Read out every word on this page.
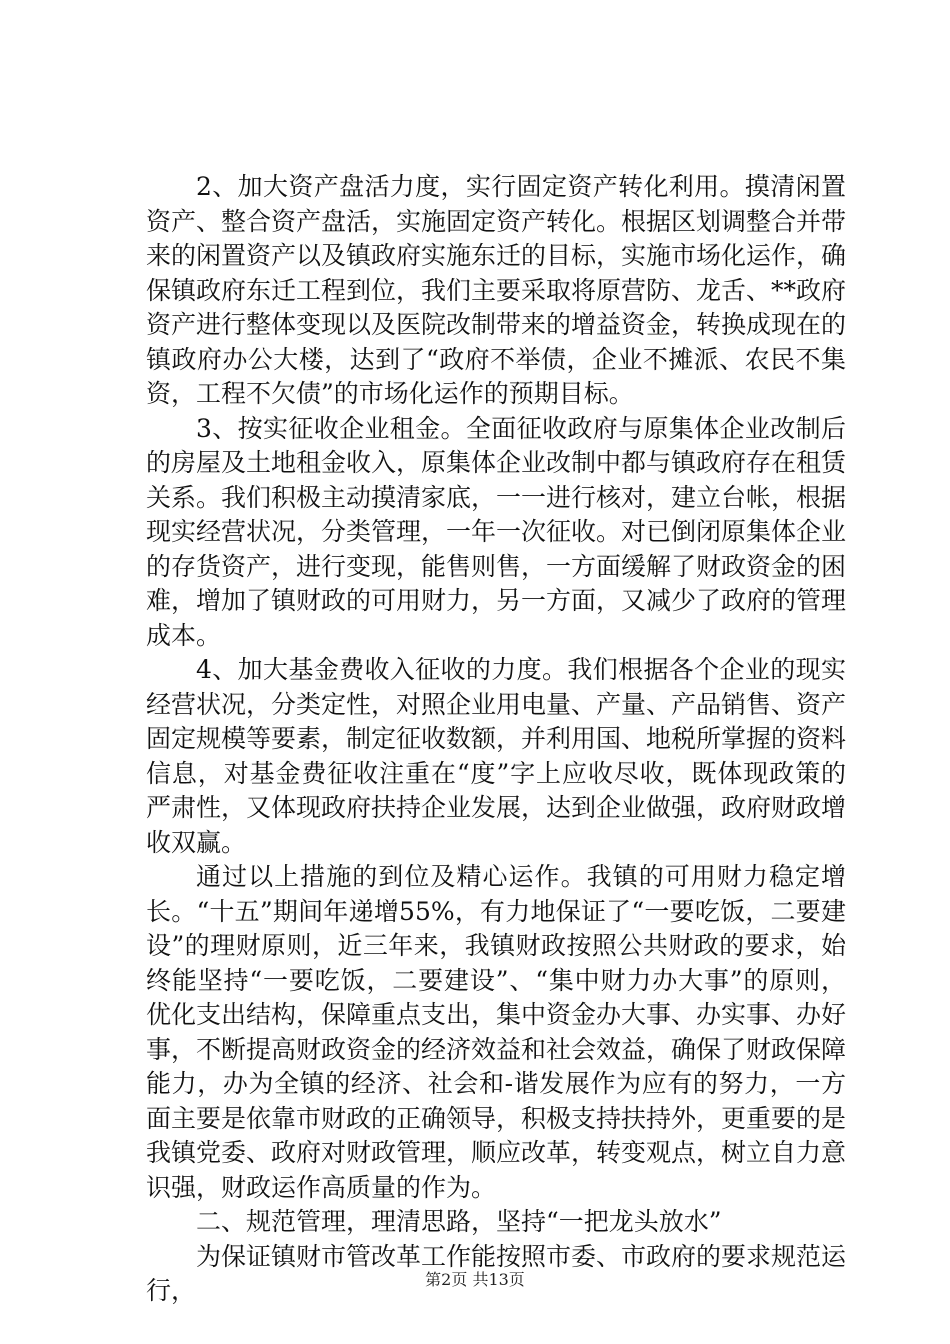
2、加大资产盘活力度，实行固定资产转化利用。摸清闲置资产、整合资产盘活，实施固定资产转化。根据区划调整合并带来的闲置资产以及镇政府实施东迁的目标，实施市场化运作，确保镇政府东迁工程到位，我们主要采取将原营防、龙舌、**政府资产进行整体变现以及医院改制带来的增益资金，转换成现在的镇政府办公大楼，达到了“政府不举债，企业不摊派、农民不集资，工程不欠债”的市场化运作的预期目标。

3、按实征收企业租金。全面征收政府与原集体企业改制后的房屋及土地租金收入，原集体企业改制中都与镇政府存在租赁关系。我们积极主动摸清家底，一一进行核对，建立台帐，根据现实经营状况，分类管理，一年一次征收。对已倒闭原集体企业的存货资产，进行变现，能售则售，一方面缓解了财政资金的困难，增加了镇财政的可用财力，另一方面，又减少了政府的管理成本。

4、加大基金费收入征收的力度。我们根据各个企业的现实经营状况，分类定性，对照企业用电量、产量、产品销售、资产固定规模等要素，制定征收数额，并利用国、地税所掌握的资料信息，对基金费征收注重在“度”字上应收尽收，既体现政策的严肃性，又体现政府扶持企业发展，达到企业做强，政府财政增收双赢。

通过以上措施的到位及精心运作。我镇的可用财力稳定增长。“十五”期间年递增55%，有力地保证了“一要吃饭，二要建设”的理财原则，近三年来，我镇财政按照公共财政的要求，始终能坚持“一要吃饭，二要建设”、“集中财力办大事”的原则，优化支出结构，保障重点支出，集中资金办大事、办实事、办好事，不断提高财政资金的经济效益和社会效益，确保了财政保障能力，办为全镇的经济、社会和-谐发展作为应有的努力，一方面主要是依靠市财政的正确领导，积极支持扶持外，更重要的是我镇党委、政府对财政管理，顺应改革，转变观点，树立自力意识强，财政运作高质量的作为。

二、规范管理，理清思路，坚持“一把龙头放水”

为保证镇财市管改革工作能按照市委、市政府的要求规范运行，	第2页 共13页
